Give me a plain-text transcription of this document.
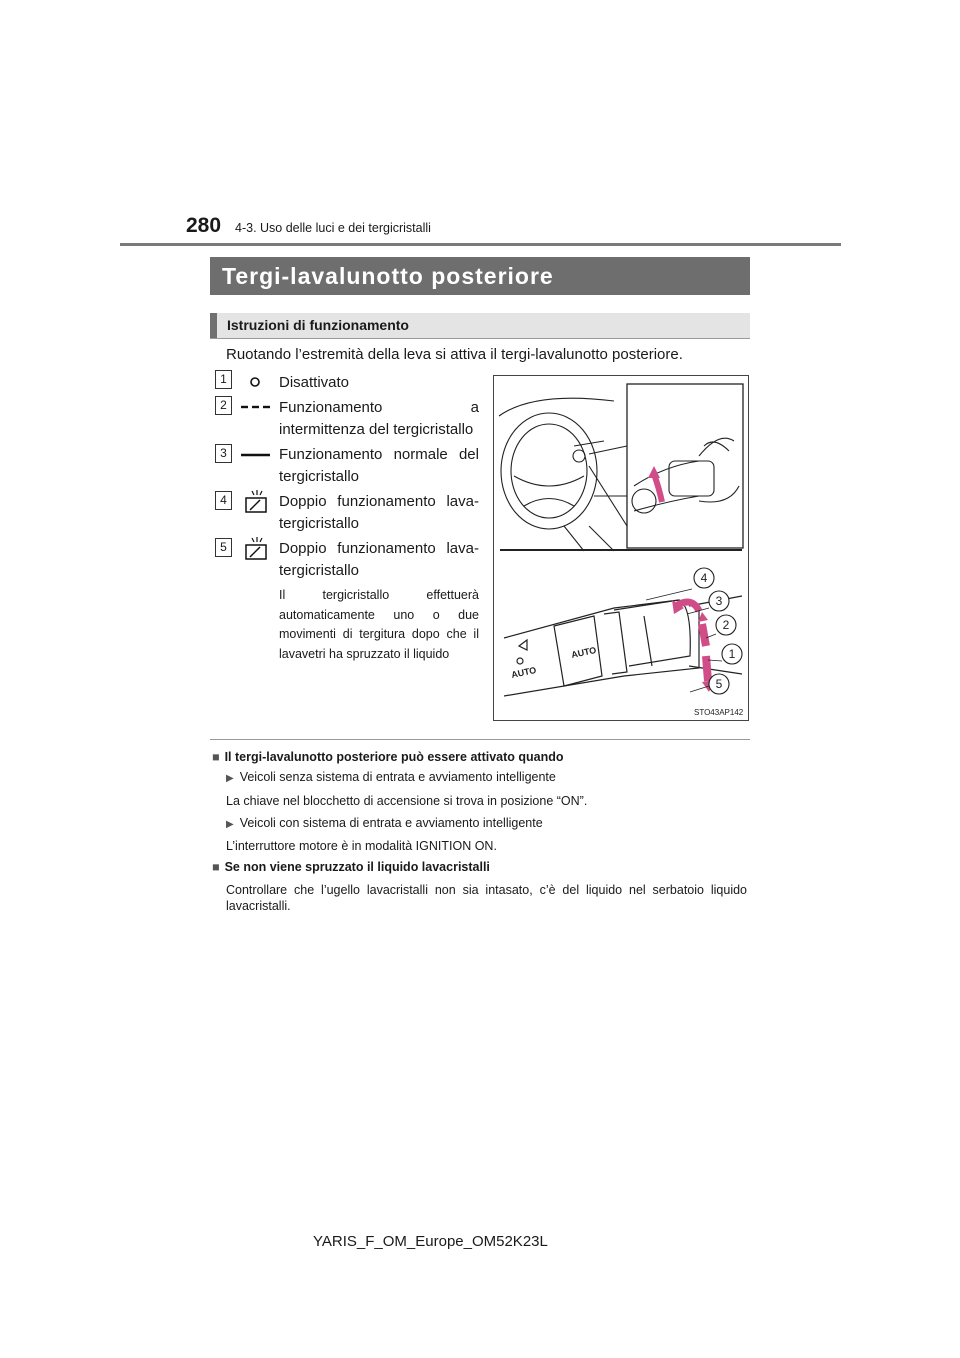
280 4-3. Uso delle luci e dei tergicristalli
Tergi-lavalunotto posteriore
Istruzioni di funzionamento
Ruotando l’estremità della leva si attiva il tergi-lavalunotto posteriore.
1	Disattivato
2	Funzionamento a intermittenza del tergicristallo
3	Funzionamento normale del tergicristallo
4	Doppio funzionamento lava-tergicristallo
5	Doppio funzionamento lava-tergicristallo
Il tergicristallo effettuerà automaticamente uno o due movimenti di tergitura dopo che il lavavetri ha spruzzato il liquido	AUTO
AUTO
4
3
2
1
5
STO43AP142
■ Il tergi-lavalunotto posteriore può essere attivato quando
▶ Veicoli senza sistema di entrata e avviamento intelligente
La chiave nel blocchetto di accensione si trova in posizione “ON”.
▶ Veicoli con sistema di entrata e avviamento intelligente
L’interruttore motore è in modalità IGNITION ON.
■ Se non viene spruzzato il liquido lavacristalli
Controllare che l’ugello lavacristalli non sia intasato, c’è del liquido nel serbatoio liquido lavacristalli.
YARIS_F_OM_Europe_OM52K23L
